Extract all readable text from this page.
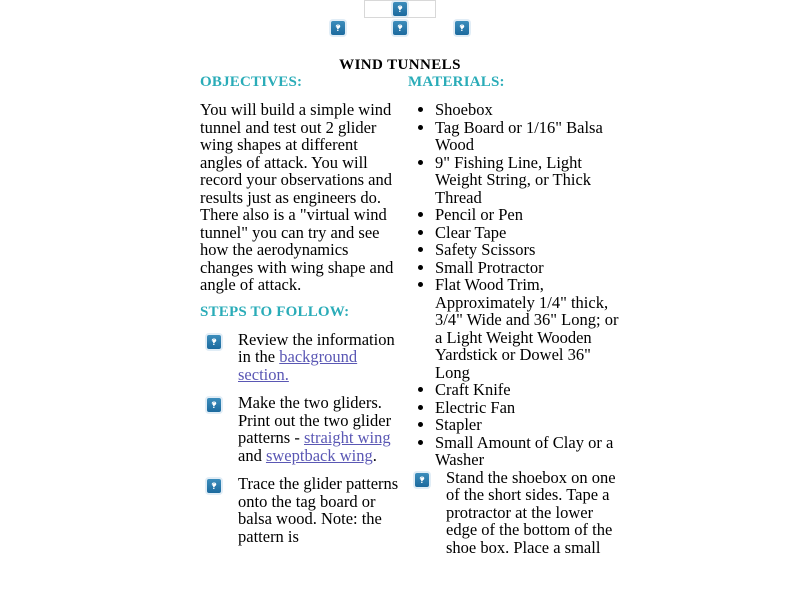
?
? ? ?
WIND TUNNELS
OBJECTIVES:

You will build a simple wind tunnel and test out 2 glider wing shapes at different angles of attack. You will record your observations and results just as engineers do. There also is a "virtual wind tunnel" you can try and see how the aerodynamics changes with wing shape and angle of attack.

STEPS TO FOLLOW:
?
Review the information in the background section.
?
Make the two gliders. Print out the two glider patterns - straight wing and sweptback wing.
?
Trace the glider patterns onto the tag board or balsa wood. Note: the pattern is
MATERIALS:
• Shoebox
• Tag Board or 1/16" Balsa Wood
• 9" Fishing Line, Light Weight String, or Thick Thread
• Pencil or Pen
• Clear Tape
• Safety Scissors
• Small Protractor
• Flat Wood Trim, Approximately 1/4" thick, 3/4" Wide and 36" Long; or a Light Weight Wooden Yardstick or Dowel 36" Long
• Craft Knife
• Electric Fan
• Stapler
• Small Amount of Clay or a Washer
?
Stand the shoebox on one of the short sides. Tape a protractor at the lower edge of the bottom of the shoe box. Place a small
